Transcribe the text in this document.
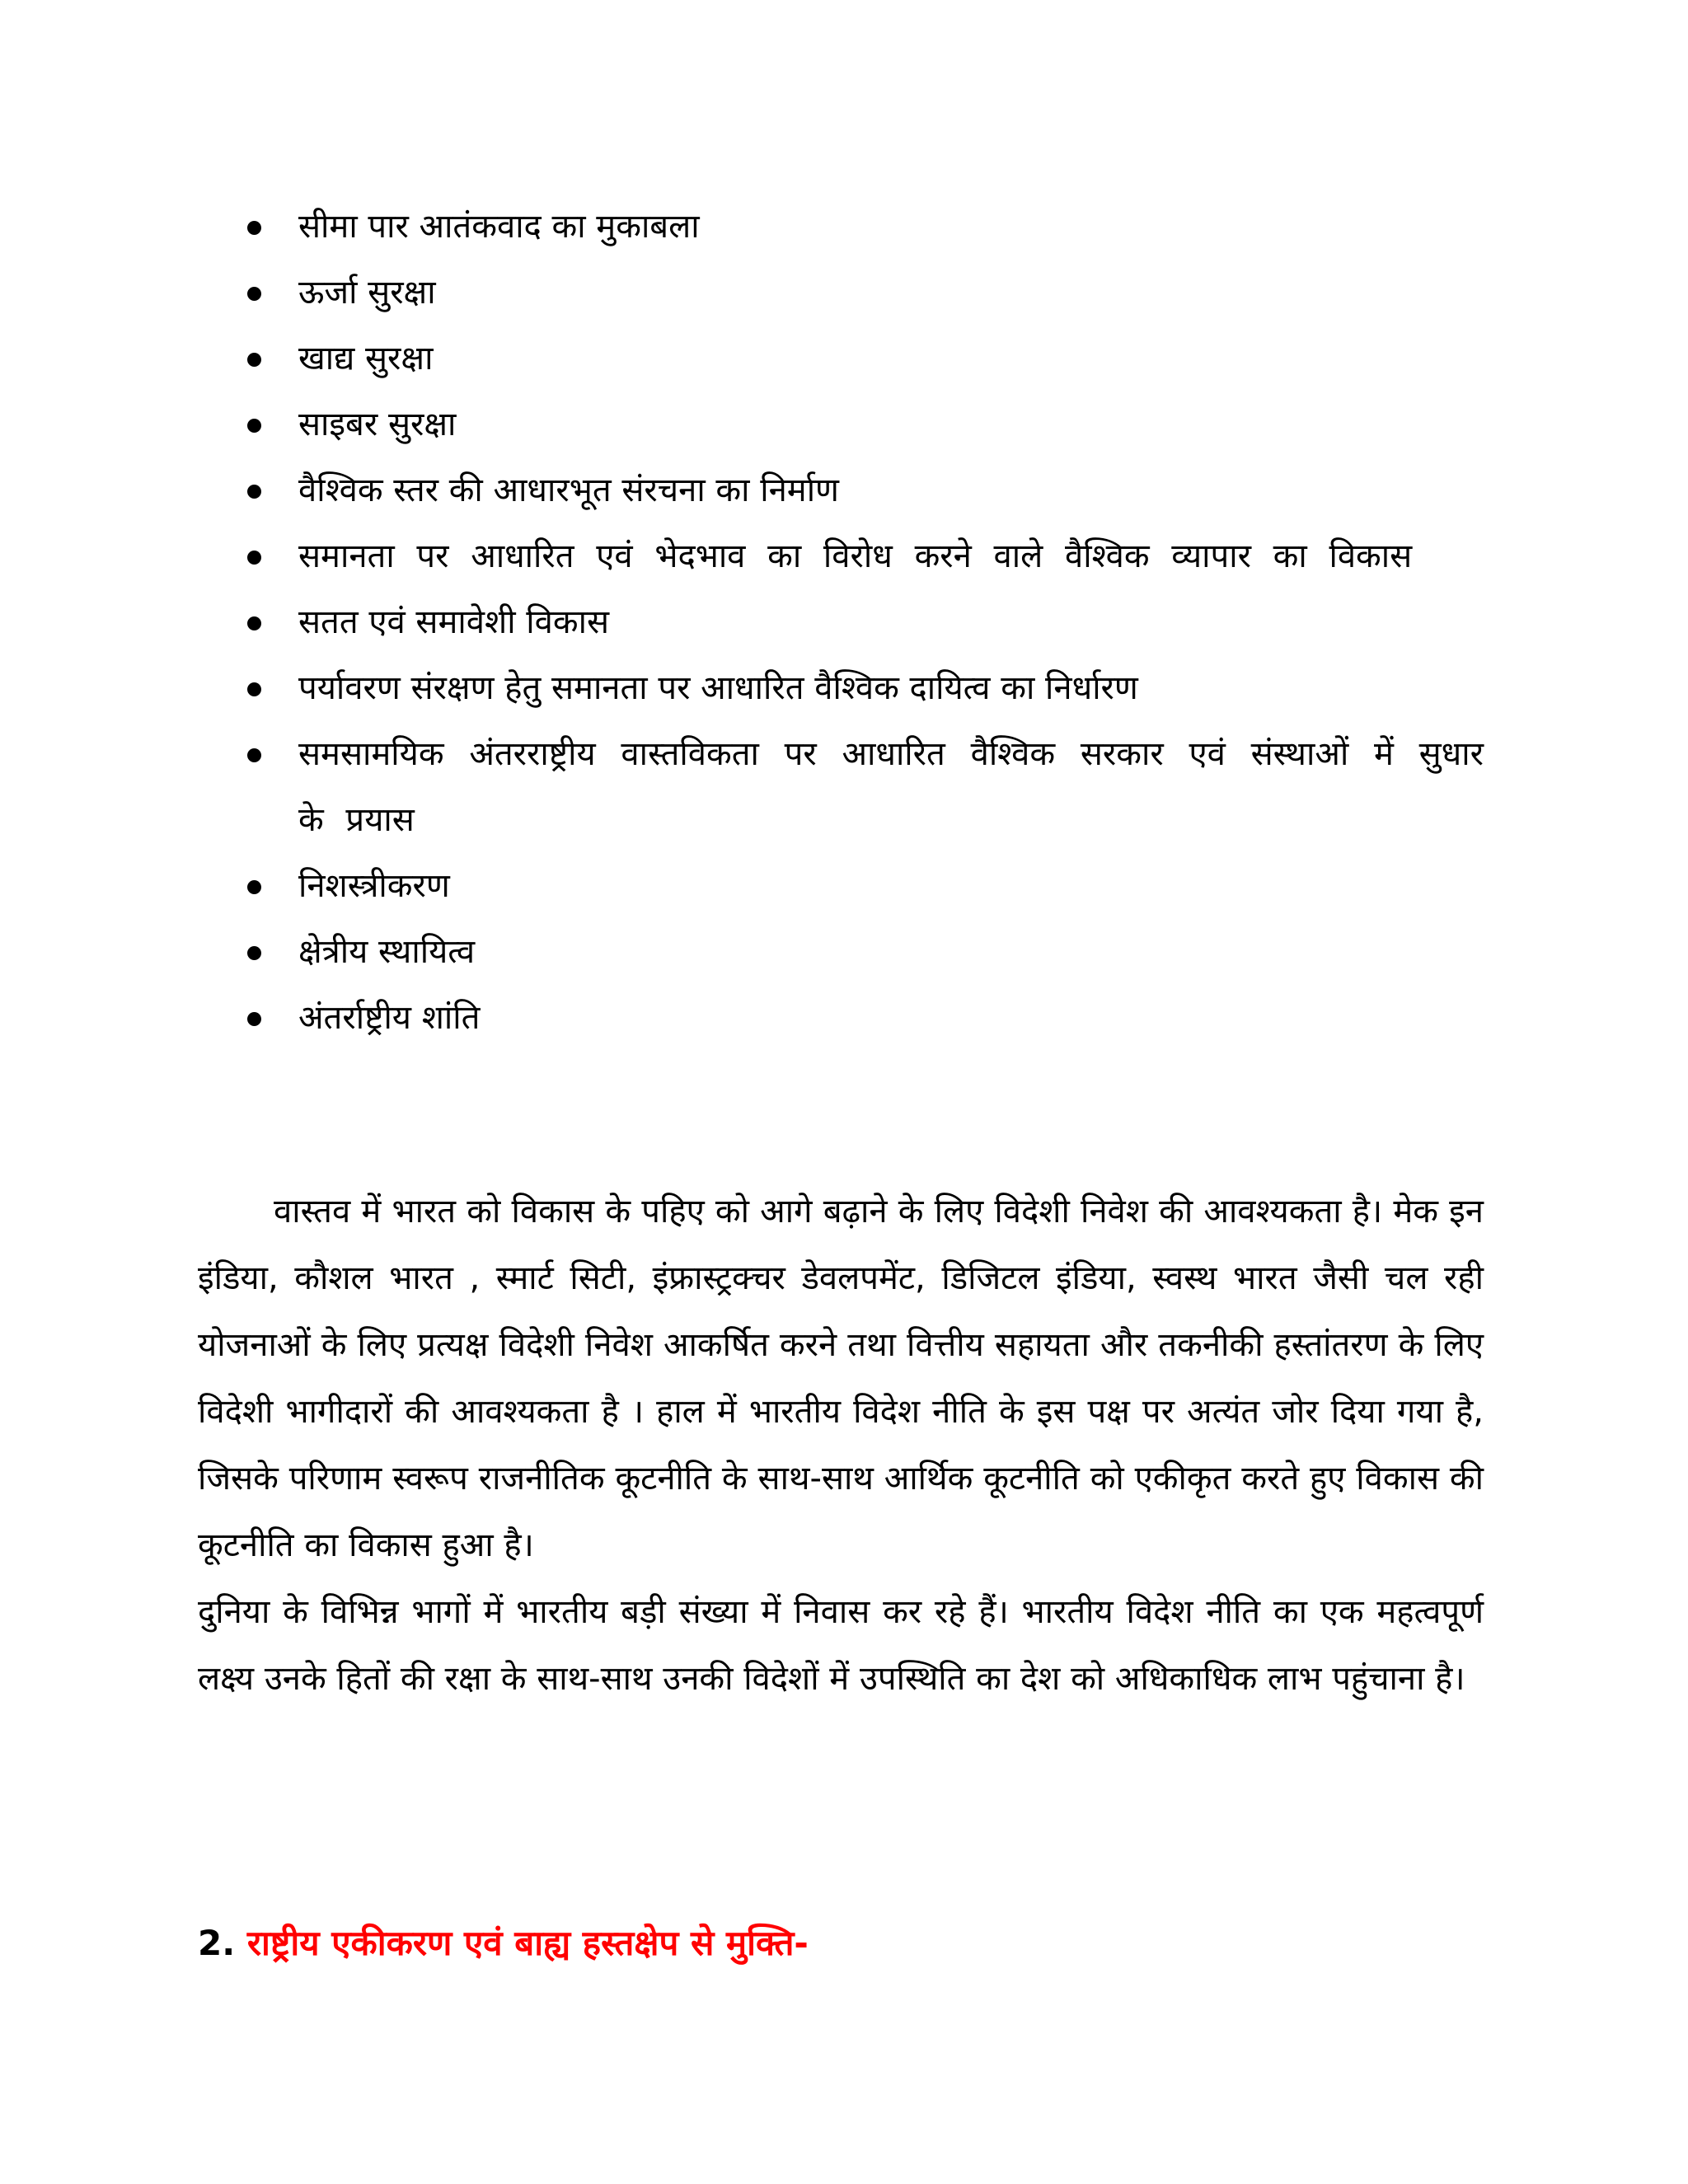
सीमा पार आतंकवाद का मुकाबला
ऊर्जा सुरक्षा
खाद्य सुरक्षा
साइबर सुरक्षा
वैश्विक स्तर की आधारभूत संरचना का निर्माण
समानता पर आधारित एवं भेदभाव का विरोध करने वाले वैश्विक व्यापार का विकास
सतत एवं समावेशी विकास
पर्यावरण संरक्षण हेतु समानता पर आधारित वैश्विक दायित्व का निर्धारण
समसामयिक अंतरराष्ट्रीय वास्तविकता पर आधारित वैश्विक सरकार एवं संस्थाओं में सुधार के प्रयास
निशस्त्रीकरण
क्षेत्रीय स्थायित्व
अंतर्राष्ट्रीय शांति

वास्तव में भारत को विकास के पहिए को आगे बढ़ाने के लिए विदेशी निवेश की आवश्यकता है। मेक इन इंडिया, कौशल भारत , स्मार्ट सिटी, इंफ्रास्ट्रक्चर डेवलपमेंट, डिजिटल इंडिया, स्वस्थ भारत जैसी चल रही योजनाओं के लिए प्रत्यक्ष विदेशी निवेश आकर्षित करने तथा वित्तीय सहायता और तकनीकी हस्तांतरण के लिए विदेशी भागीदारों की आवश्यकता है । हाल में भारतीय विदेश नीति के इस पक्ष पर अत्यंत जोर दिया गया है, जिसके परिणाम स्वरूप राजनीतिक कूटनीति के साथ-साथ आर्थिक कूटनीति को एकीकृत करते हुए विकास की कूटनीति का विकास हुआ है।

दुनिया के विभिन्न भागों में भारतीय बड़ी संख्या में निवास कर रहे हैं। भारतीय विदेश नीति का एक महत्वपूर्ण लक्ष्य उनके हितों की रक्षा के साथ-साथ उनकी विदेशों में उपस्थिति का देश को अधिकाधिक लाभ पहुंचाना है।

2. राष्ट्रीय एकीकरण एवं बाह्य हस्तक्षेप से मुक्ति-
